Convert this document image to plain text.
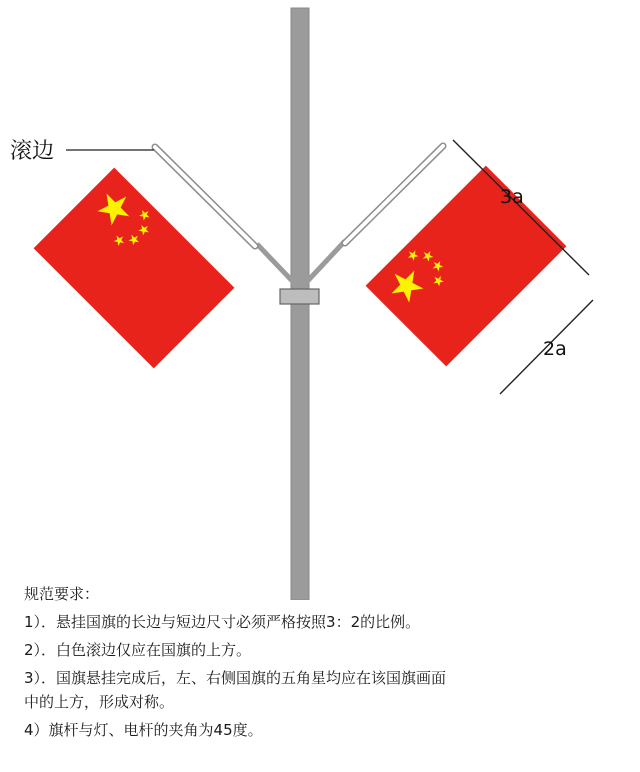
滚边
3a
2a
规范要求：
1）．悬挂国旗的长边与短边尺寸必须严格按照3：2的比例。
2）．白色滚边仅应在国旗的上方。
3）．国旗悬挂完成后，左、右侧国旗的五角星均应在该国旗画面
中的上方，形成对称。
4）旗杆与灯、电杆的夹角为45度。
